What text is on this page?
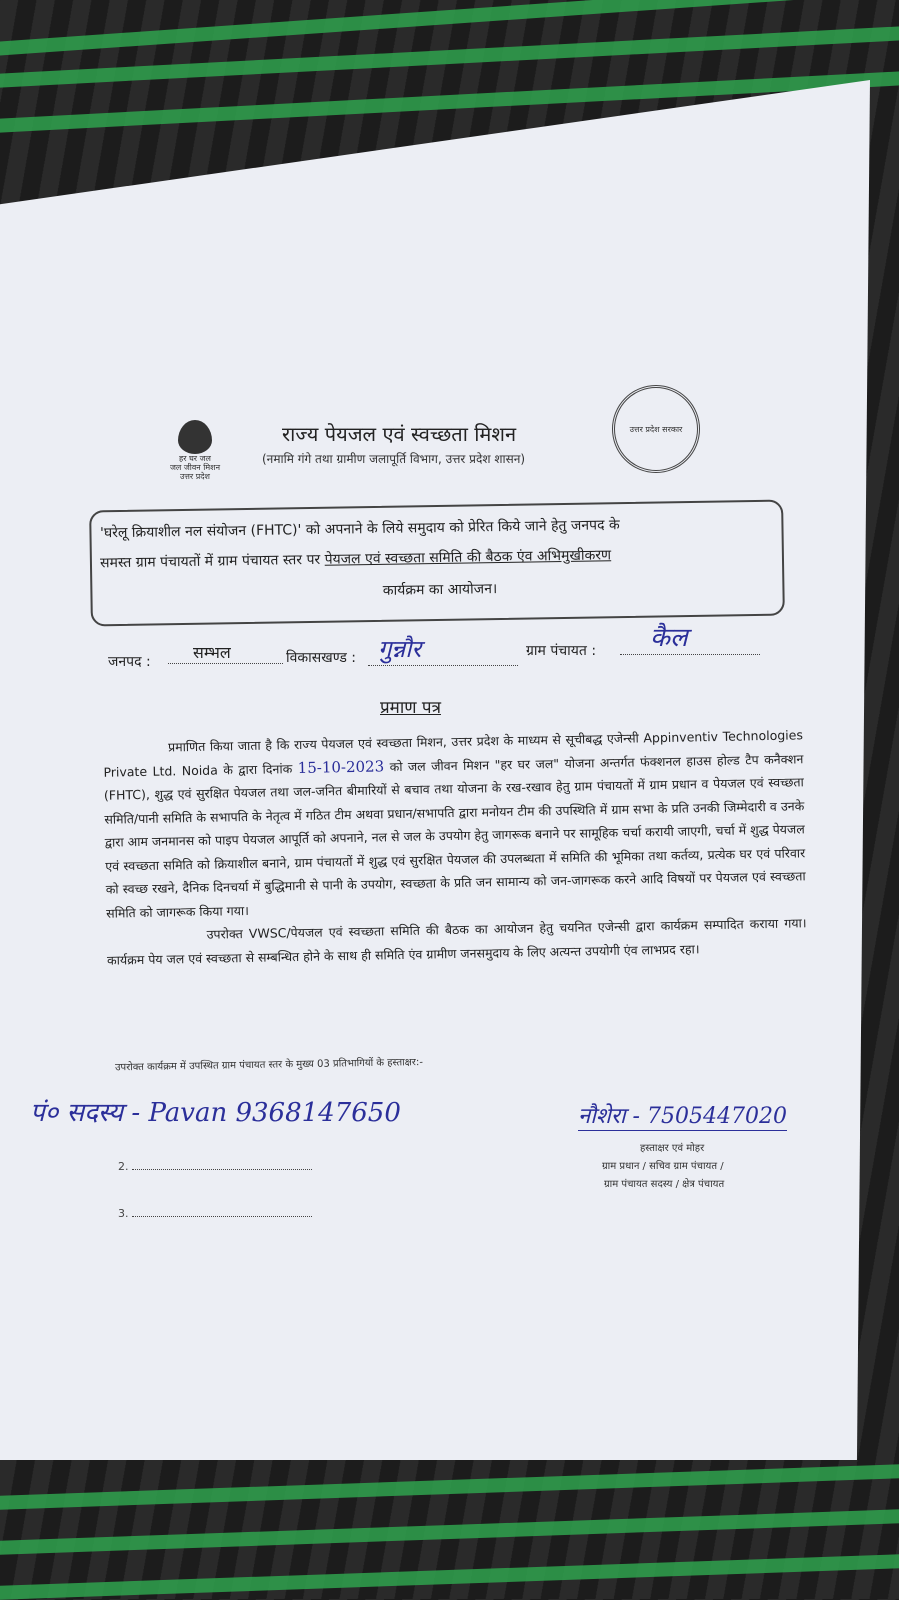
हर घर जल
जल जीवन मिशन
उत्तर प्रदेश
राज्य पेयजल एवं स्वच्छता मिशन
(नमामि गंगे तथा ग्रामीण जलापूर्ति विभाग, उत्तर प्रदेश शासन)
उत्तर प्रदेश सरकार
'घरेलू क्रियाशील नल संयोजन (FHTC)' को अपनाने के लिये समुदाय को प्रेरित किये जाने हेतु जनपद के
समस्त ग्राम पंचायतों में ग्राम पंचायत स्तर पर पेयजल एवं स्वच्छता समिति की बैठक एंव अभिमुखीकरण
कार्यक्रम का आयोजन।
जनपद :	सम्भल	विकासखण्ड : गुन्नौर	ग्राम पंचायत :	कैल
प्रमाण पत्र

प्रमाणित किया जाता है कि राज्य पेयजल एवं स्वच्छता मिशन, उत्तर प्रदेश के माध्यम से सूचीबद्ध एजेन्सी Appinventiv Technologies Private Ltd. Noida के द्वारा दिनांक 15-10-2023 को जल जीवन मिशन "हर घर जल" योजना अन्तर्गत फंक्शनल हाउस होल्ड टैप कनैक्शन (FHTC), शुद्ध एवं सुरक्षित पेयजल तथा जल-जनित बीमारियों से बचाव तथा योजना के रख-रखाव हेतु ग्राम पंचायतों में ग्राम प्रधान व पेयजल एवं स्वच्छता समिति/पानी समिति के सभापति के नेतृत्व में गठित टीम अथवा प्रधान/सभापति द्वारा मनोयन टीम की उपस्थिति में ग्राम सभा के प्रति उनकी जिम्मेदारी व उनके द्वारा आम जनमानस को पाइप पेयजल आपूर्ति को अपनाने, नल से जल के उपयोग हेतु जागरूक बनाने पर सामूहिक चर्चा करायी जाएगी, चर्चा में शुद्ध पेयजल एवं स्वच्छता समिति को क्रियाशील बनाने, ग्राम पंचायतों में शुद्ध एवं सुरक्षित पेयजल की उपलब्धता में समिति की भूमिका तथा कर्तव्य, प्रत्येक घर एवं परिवार को स्वच्छ रखने, दैनिक दिनचर्या में बुद्धिमानी से पानी के उपयोग, स्वच्छता के प्रति जन सामान्य को जन-जागरूक करने आदि विषयों पर पेयजल एवं स्वच्छता समिति को जागरूक किया गया।

उपरोक्त VWSC/पेयजल एवं स्वच्छता समिति की बैठक का आयोजन हेतु चयनित एजेन्सी द्वारा कार्यक्रम सम्पादित कराया गया। कार्यक्रम पेय जल एवं स्वच्छता से सम्बन्धित होने के साथ ही समिति एंव ग्रामीण जनसमुदाय के लिए अत्यन्त उपयोगी एंव लाभप्रद रहा।

उपरोक्त कार्यक्रम में उपस्थित ग्राम पंचायत स्तर के मुख्य 03 प्रतिभागियों के हस्ताक्षर:-
पं० सदस्य - Pavan 9368147650
2.
3.
नौशेरा - 7505447020
हस्ताक्षर एवं मोहर
ग्राम प्रधान / सचिव ग्राम पंचायत /
ग्राम पंचायत सदस्य / क्षेत्र पंचायत
